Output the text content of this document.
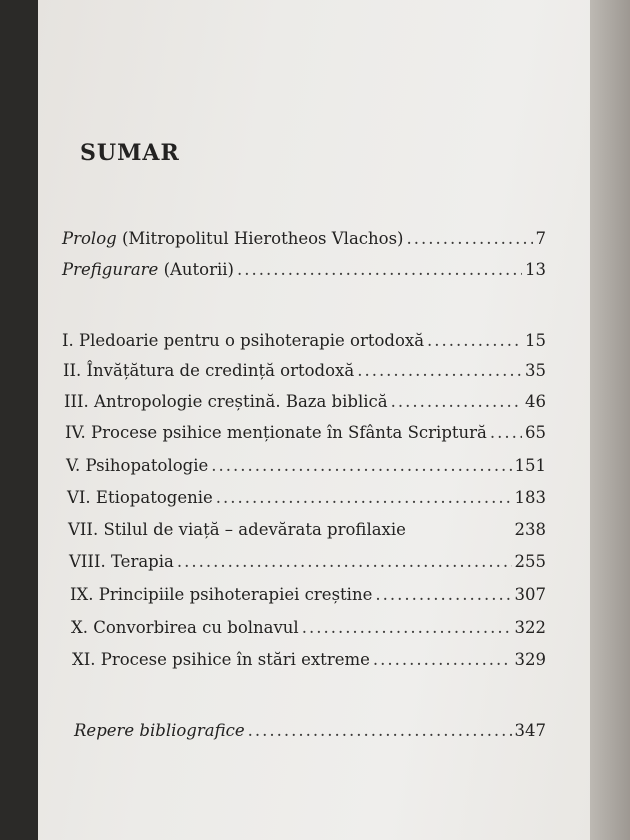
SUMAR
Prolog (Mitropolitul Hierotheos Vlachos) .....	7
Prefigurare (Autorii) .....	13
I. Pledoarie pentru o psihoterapie ortodoxă .....	15
II. Învățătura de credință ortodoxă .....	35
III. Antropologie creștină. Baza biblică .....	46
IV. Procese psihice menționate în Sfânta Scriptură ..... 65
V. Psihopatologie .....	151
VI. Etiopatogenie .....	183
VII. Stilul de viață – adevărata profilaxie	238
VIII. Terapia .....	255
IX. Principiile psihoterapiei creștine .....	307
X. Convorbirea cu bolnavul .....	322
XI. Procese psihice în stări extreme .....	329
Repere bibliografice .....	347
